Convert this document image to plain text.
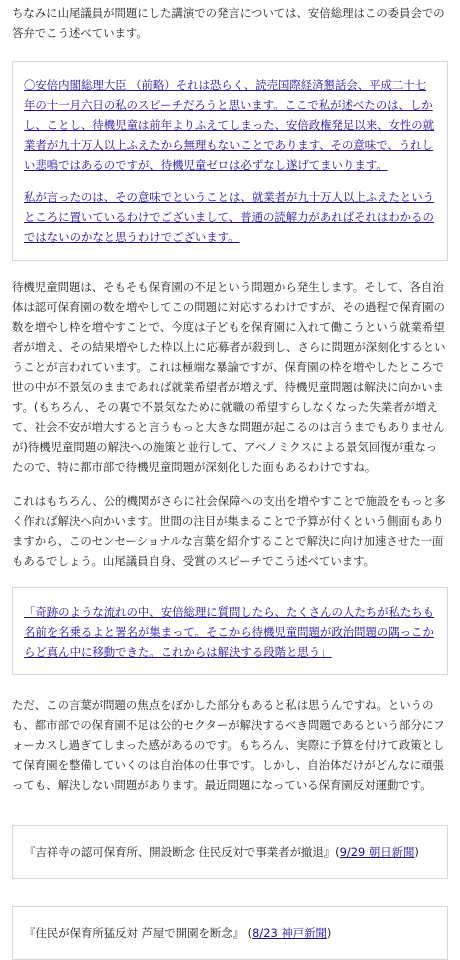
ちなみに山尾議員が問題にした講演での発言については、安倍総理はこの委員会での答弁でこう述べています。

〇安倍内閣総理大臣 （前略）それは恐らく、読売国際経済懇話会、平成二十七年の十一月六日の私のスピーチだろうと思います。ここで私が述べたのは、しかし、ことし、待機児童は前年よりふえてしまった、安倍政権発足以来、女性の就業者が九十万人以上ふえたから無理もないことであります、その意味で、うれしい悲鳴ではあるのですが、待機児童ゼロは必ずなし遂げてまいります。

私が言ったのは、その意味でということは、就業者が九十万人以上ふえたというところに置いているわけでございまして、普通の読解力があればそれはわかるのではないのかなと思うわけでございます。

待機児童問題は、そもそも保育園の不足という問題から発生します。そして、各自治体は認可保育園の数を増やしてこの問題に対応するわけですが、その過程で保育園の数を増やし枠を増やすことで、今度は子どもを保育園に入れて働こうという就業希望者が増え、その結果増やした枠以上に応募者が殺到し、さらに問題が深刻化するということが言われています。これは極端な暴論ですが、保育園の枠を増やしたところで世の中が不景気のままであれば就業希望者が増えず、待機児童問題は解決に向かいます。(もちろん、その裏で不景気なために就職の希望すらしなくなった失業者が増えて、社会不安が増大すると言うもっと大きな問題が起こるのは言うまでもありませんが)待機児童問題の解決への施策と並行して、アベノミクスによる景気回復が重なったので、特に都市部で待機児童問題が深刻化した面もあるわけですね。

これはもちろん、公的機関がさらに社会保障への支出を増やすことで施設をもっと多く作れば解決へ向かいます。世間の注目が集まることで予算が付くという側面もありますから、このセンセーショナルな言葉を紹介することで解決に向け加速させた一面もあるでしょう。山尾議員自身、受賞のスピーチでこう述べています。

「奇跡のような流れの中、安倍総理に質問したら、たくさんの人たちが私たちも名前を名乗るよと署名が集まって。そこから待機児童問題が政治問題の隅っこからど真ん中に移動できた。これからは解決する段階と思う」

ただ、この言葉が問題の焦点をぼかした部分もあると私は思うんですね。というのも、都市部での保育園不足は公的セクターが解決するべき問題であるという部分にフォーカスし過ぎてしまった感があるのです。もちろん、実際に予算を付けて政策として保育園を整備していくのは自治体の仕事です。しかし、自治体だけがどんなに頑張っても、解決しない問題があります。最近問題になっている保育園反対運動です。

『吉祥寺の認可保育所、開設断念 住民反対で事業者が撤退』(9/29 朝日新聞)

『住民が保育所猛反対 芦屋で開園を断念』 (8/23 神戸新聞)
